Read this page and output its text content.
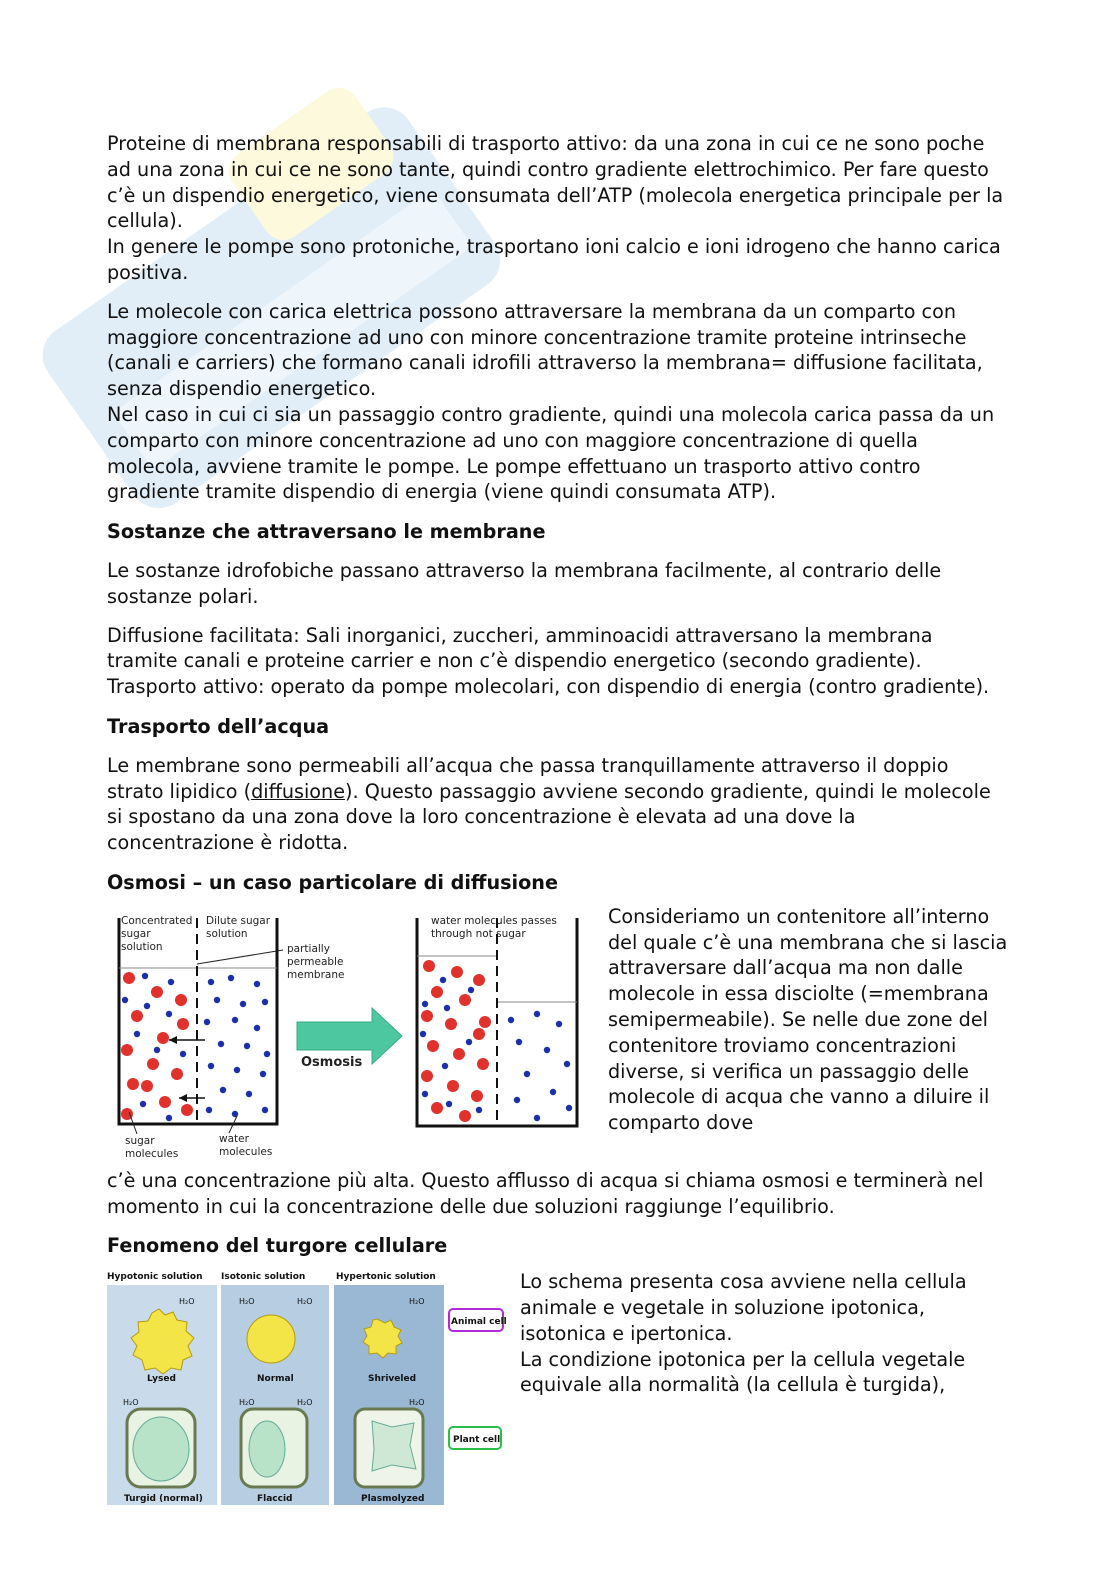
Proteine di membrana responsabili di trasporto attivo: da una zona in cui ce ne sono poche ad una zona in cui ce ne sono tante, quindi contro gradiente elettrochimico. Per fare questo c’è un dispendio energetico, viene consumata dell’ATP (molecola energetica principale per la cellula).

In genere le pompe sono protoniche, trasportano ioni calcio e ioni idrogeno che hanno carica positiva.

Le molecole con carica elettrica possono attraversare la membrana da un comparto con maggiore concentrazione ad uno con minore concentrazione tramite proteine intrinseche (canali e carriers) che formano canali idrofili attraverso la membrana= diffusione facilitata, senza dispendio energetico.

Nel caso in cui ci sia un passaggio contro gradiente, quindi una molecola carica passa da un comparto con minore concentrazione ad uno con maggiore concentrazione di quella molecola, avviene tramite le pompe. Le pompe effettuano un trasporto attivo contro gradiente tramite dispendio di energia (viene quindi consumata ATP).

Sostanze che attraversano le membrane

Le sostanze idrofobiche passano attraverso la membrana facilmente, al contrario delle sostanze polari.

Diffusione facilitata: Sali inorganici, zuccheri, amminoacidi attraversano la membrana tramite canali e proteine carrier e non c’è dispendio energetico (secondo gradiente).

Trasporto attivo: operato da pompe molecolari, con dispendio di energia (contro gradiente).

Trasporto dell’acqua

Le membrane sono permeabili all’acqua che passa tranquillamente attraverso il doppio strato lipidico (diffusione). Questo passaggio avviene secondo gradiente, quindi le molecole si spostano da una zona dove la loro concentrazione è elevata ad una dove la concentrazione è ridotta.

Osmosi – un caso particolare di diffusione
Concentrated
sugar
solution
Dilute sugar
solution
partially
permeable
membrane
sugar
molecules
water
molecules
Osmosis
water molecules passes
through not sugar
Consideriamo un contenitore all’interno del quale c’è una membrana che si lascia attraversare dall’acqua ma non dalle molecole in essa disciolte (=membrana semipermeabile). Se nelle due zone del contenitore troviamo concentrazioni diverse, si verifica un passaggio delle molecole di acqua che vanno a diluire il comparto dove

c’è una concentrazione più alta. Questo afflusso di acqua si chiama osmosi e terminerà nel momento in cui la concentrazione delle due soluzioni raggiunge l’equilibrio.

Fenomeno del turgore cellulare
Hypotonic solution Isotonic solution	Hypertonic solution
H₂O	H₂O	H₂O	H₂O
Lysed	Normal	Shriveled
Animal cell
H₂O	H₂O	H₂O	H₂O
Turgid (normal)	Flaccid	Plasmolyzed
Plant cell
Lo schema presenta cosa avviene nella cellula animale e vegetale in soluzione ipotonica, isotonica e ipertonica.
La condizione ipotonica per la cellula vegetale equivale alla normalità (la cellula è turgida),
